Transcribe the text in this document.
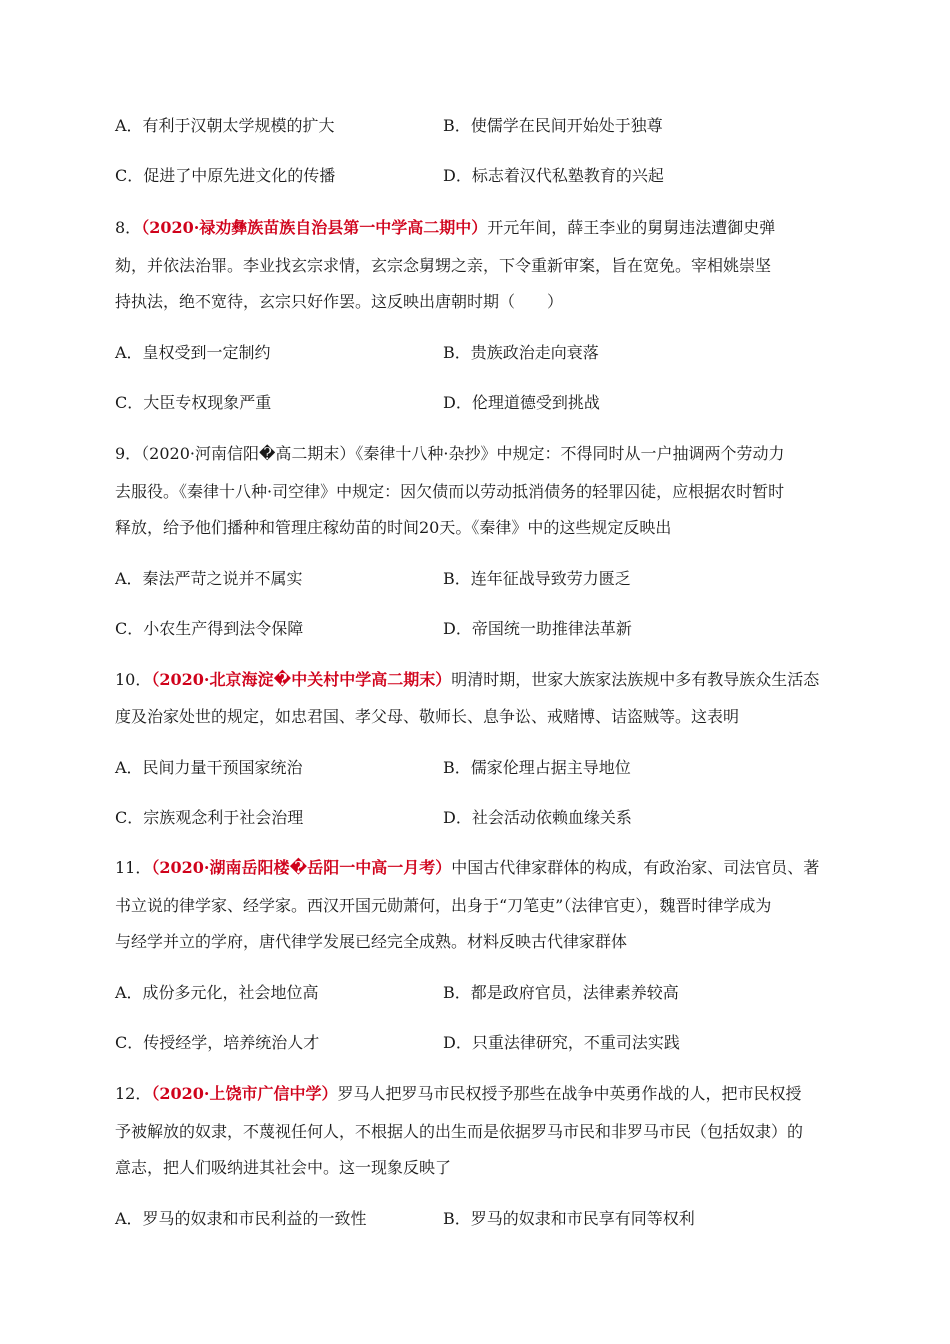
A．有利于汉朝太学规模的扩大	B．使儒学在民间开始处于独尊
C．促进了中原先进文化的传播	D．标志着汉代私塾教育的兴起
8．（2020·禄劝彝族苗族自治县第一中学高二期中）开元年间，薛王李业的舅舅违法遭御史弹
劾，并依法治罪。李业找玄宗求情，玄宗念舅甥之亲，下令重新审案，旨在宽免。宰相姚崇坚
持执法，绝不宽待，玄宗只好作罢。这反映出唐朝时期（　　）
A．皇权受到一定制约	B．贵族政治走向衰落
C．大臣专权现象严重	D．伦理道德受到挑战
9．（2020·河南信阳�高二期末）《秦律十八种·杂抄》中规定：不得同时从一户抽调两个劳动力
去服役。《秦律十八种·司空律》中规定：因欠债而以劳动抵消债务的轻罪囚徒，应根据农时暂时
释放，给予他们播种和管理庄稼幼苗的时间20天。《秦律》中的这些规定反映出
A．秦法严苛之说并不属实	B．连年征战导致劳力匮乏
C．小农生产得到法令保障	D．帝国统一助推律法革新
10．（2020·北京海淀�中关村中学高二期末）明清时期，世家大族家法族规中多有教导族众生活态
度及治家处世的规定，如忠君国、孝父母、敬师长、息争讼、戒赌博、诘盗贼等。这表明
A．民间力量干预国家统治	B．儒家伦理占据主导地位
C．宗族观念利于社会治理	D．社会活动依赖血缘关系
11．（2020·湖南岳阳楼�岳阳一中高一月考）中国古代律家群体的构成，有政治家、司法官员、著
书立说的律学家、经学家。西汉开国元勋萧何，出身于“刀笔吏”（法律官吏），魏晋时律学成为
与经学并立的学府，唐代律学发展已经完全成熟。材料反映古代律家群体
A．成份多元化，社会地位高	B．都是政府官员，法律素养较高
C．传授经学，培养统治人才	D．只重法律研究，不重司法实践
12．（2020·上饶市广信中学）罗马人把罗马市民权授予那些在战争中英勇作战的人，把市民权授
予被解放的奴隶，不蔑视任何人，不根据人的出生而是依据罗马市民和非罗马市民（包括奴隶）的
意志，把人们吸纳进其社会中。这一现象反映了
A．罗马的奴隶和市民利益的一致性	B．罗马的奴隶和市民享有同等权利
